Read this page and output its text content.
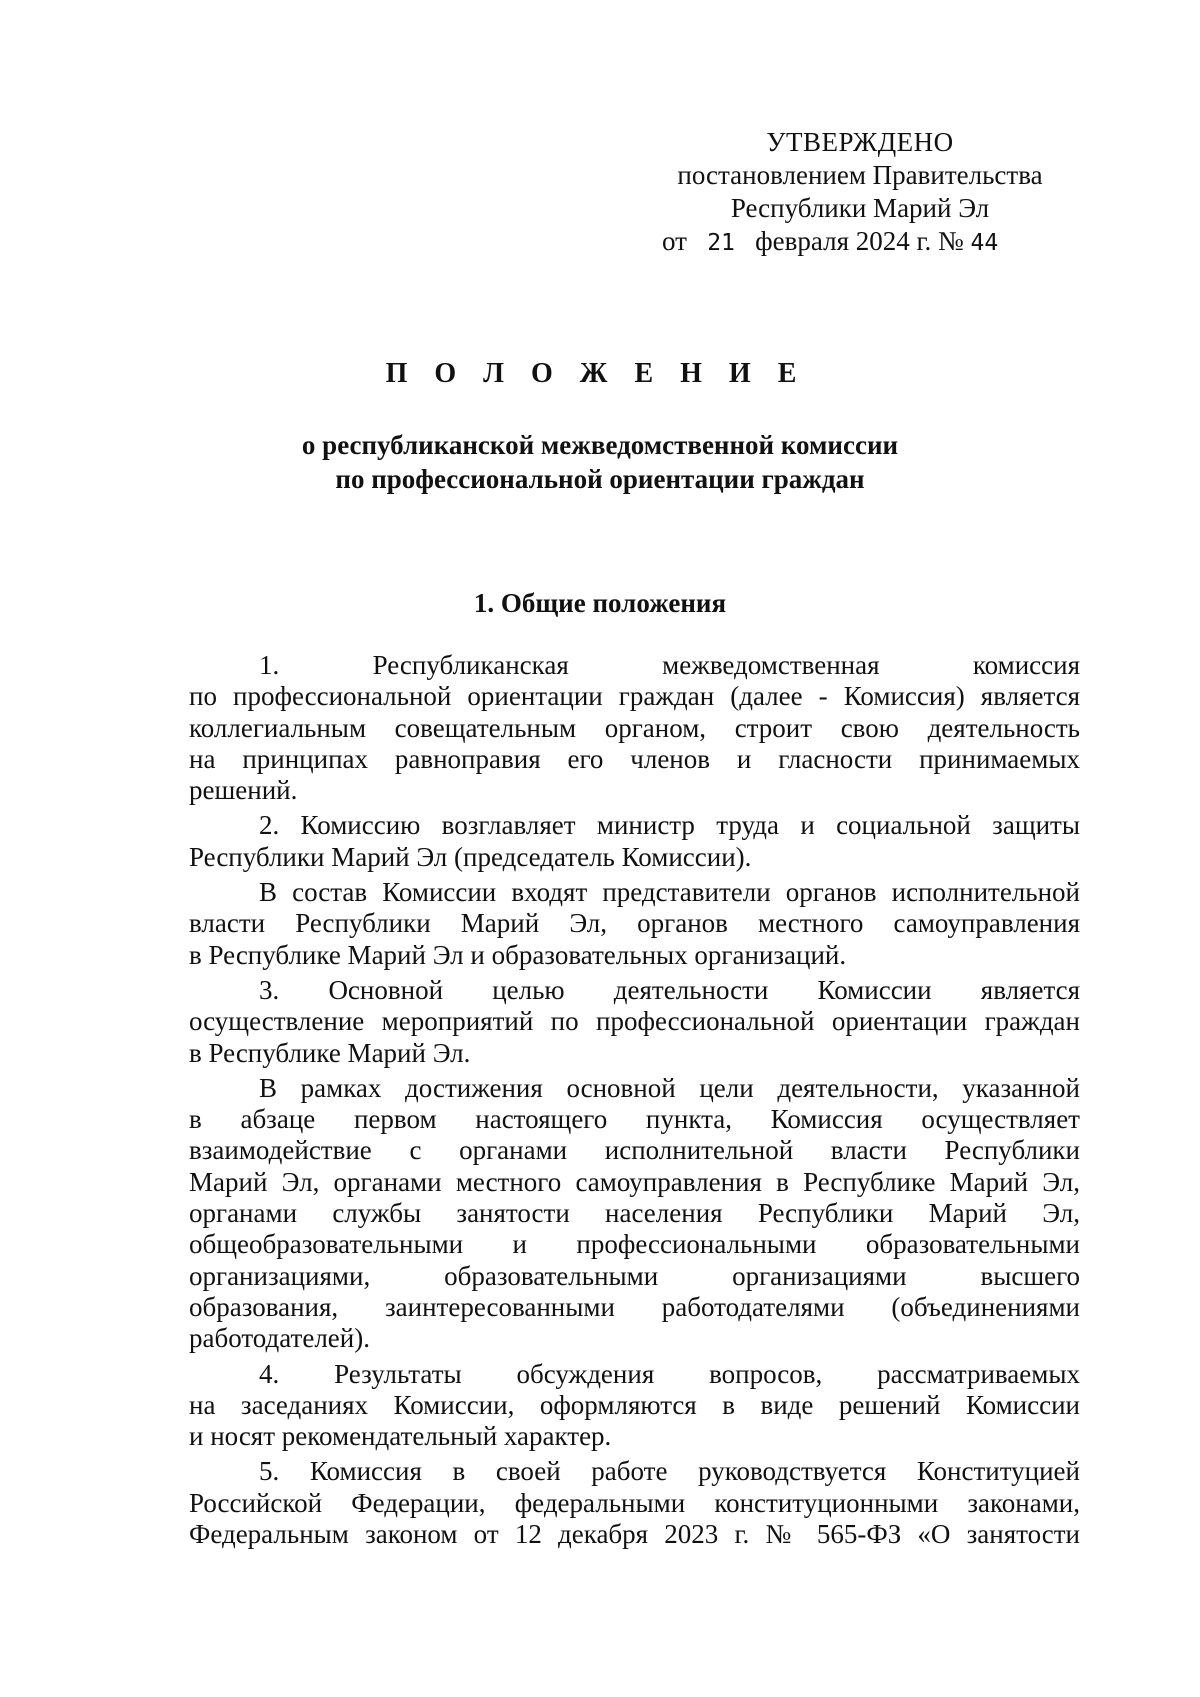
УТВЕРЖДЕНО
постановлением Правительства
Республики Марий Эл
от 21 февраля 2024 г. № 44
П О Л О Ж Е Н И Е
о республиканской межведомственной комиссии
по профессиональной ориентации граждан
1. Общие положения

1. Республиканская межведомственная комиссия
по профессиональной ориентации граждан (далее - Комиссия) является
коллегиальным совещательным органом, строит свою деятельность
на принципах равноправия его членов и гласности принимаемых
решений.

2. Комиссию возглавляет министр труда и социальной защиты
Республики Марий Эл (председатель Комиссии).

В состав Комиссии входят представители органов исполнительной
власти Республики Марий Эл, органов местного самоуправления
в Республике Марий Эл и образовательных организаций.

3. Основной целью деятельности Комиссии является
осуществление мероприятий по профессиональной ориентации граждан
в Республике Марий Эл.

В рамках достижения основной цели деятельности, указанной
в абзаце первом настоящего пункта, Комиссия осуществляет
взаимодействие с органами исполнительной власти Республики
Марий Эл, органами местного самоуправления в Республике Марий Эл,
органами службы занятости населения Республики Марий Эл,
общеобразовательными и профессиональными образовательными
организациями, образовательными организациями высшего
образования, заинтересованными работодателями (объединениями
работодателей).

4. Результаты обсуждения вопросов, рассматриваемых
на заседаниях Комиссии, оформляются в виде решений Комиссии
и носят рекомендательный характер.

5. Комиссия в своей работе руководствуется Конституцией
Российской Федерации, федеральными конституционными законами,
Федеральным законом от 12 декабря 2023 г. № 565-ФЗ «О занятости
